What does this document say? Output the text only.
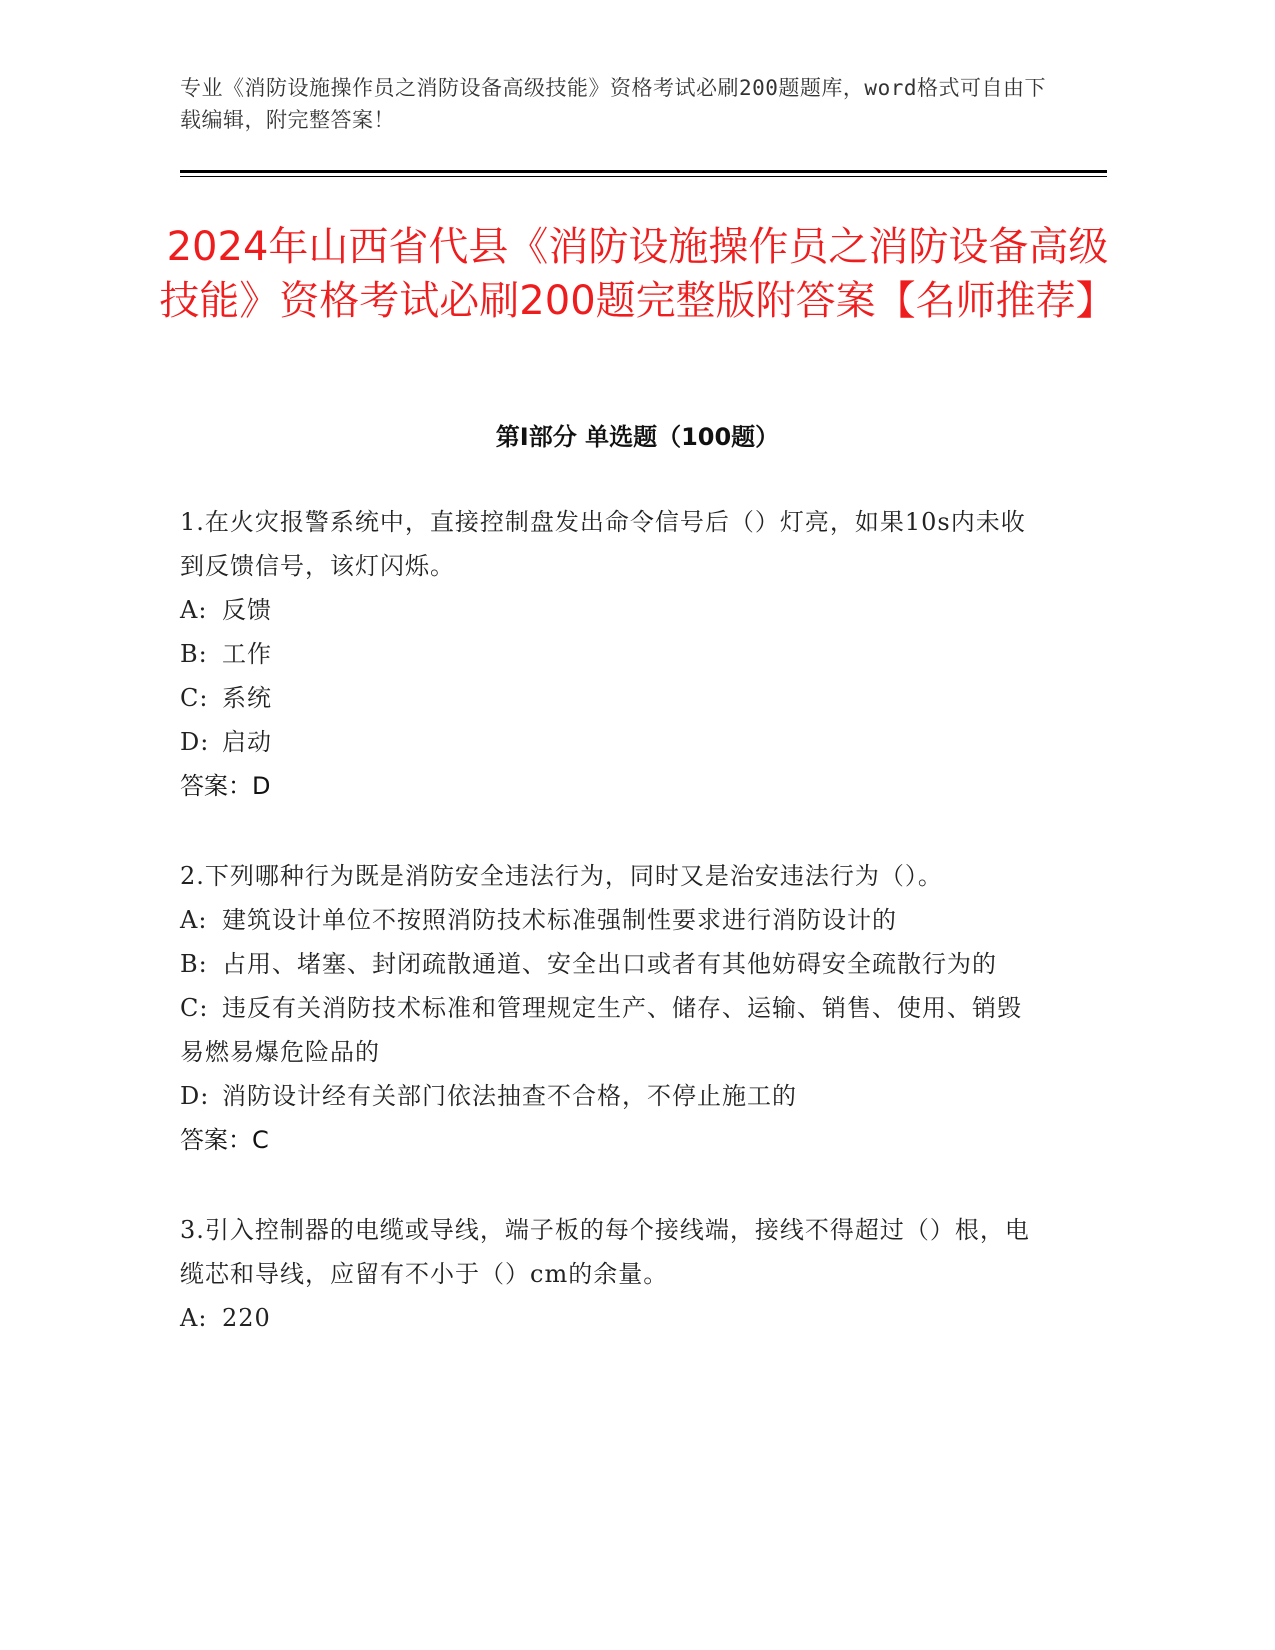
专业《消防设施操作员之消防设备高级技能》资格考试必刷200题题库，word格式可自由下载编辑，附完整答案！
2024年山西省代县《消防设施操作员之消防设备高级技能》资格考试必刷200题完整版附答案【名师推荐】
第I部分 单选题（100题）
1.在火灾报警系统中，直接控制盘发出命令信号后（）灯亮，如果10s内未收到反馈信号，该灯闪烁。
A: 反馈
B: 工作
C: 系统
D: 启动
答案：D
2.下列哪种行为既是消防安全违法行为，同时又是治安违法行为（）。
A: 建筑设计单位不按照消防技术标准强制性要求进行消防设计的
B: 占用、堵塞、封闭疏散通道、安全出口或者有其他妨碍安全疏散行为的
C: 违反有关消防技术标准和管理规定生产、储存、运输、销售、使用、销毁易燃易爆危险品的
D: 消防设计经有关部门依法抽查不合格，不停止施工的
答案：C
3.引入控制器的电缆或导线，端子板的每个接线端，接线不得超过（）根，电缆芯和导线，应留有不小于（）cm的余量。
A: 220
